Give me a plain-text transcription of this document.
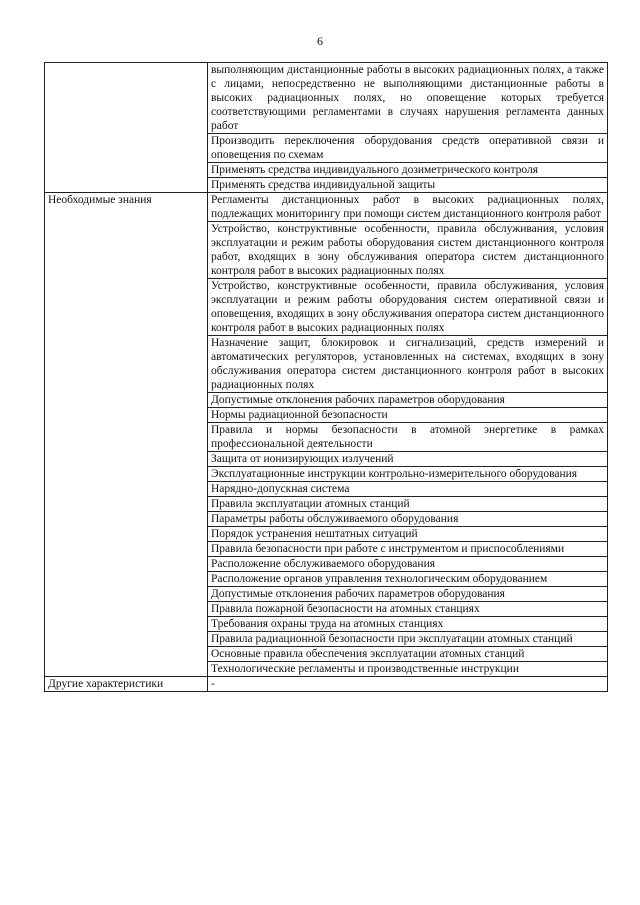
6
	выполняющим дистанционные работы в высоких радиационных полях, а также с лицами, непосредственно не выполняющими дистанционные работы в высоких радиационных полях, но оповещение которых требуется соответствующими регламентами в случаях нарушения регламента данных работ
	Производить переключения оборудования средств оперативной связи и оповещения по схемам
	Применять средства индивидуального дозиметрического контроля
	Применять средства индивидуальной защиты
Необходимые знания	Регламенты дистанционных работ в высоких радиационных полях, подлежащих мониторингу при помощи систем дистанционного контроля работ
	Устройство, конструктивные особенности, правила обслуживания, условия эксплуатации и режим работы оборудования систем дистанционного контроля работ, входящих в зону обслуживания оператора систем дистанционного контроля работ в высоких радиационных полях
	Устройство, конструктивные особенности, правила обслуживания, условия эксплуатации и режим работы оборудования систем оперативной связи и оповещения, входящих в зону обслуживания оператора систем дистанционного контроля работ в высоких радиационных полях
	Назначение защит, блокировок и сигнализаций, средств измерений и автоматических регуляторов, установленных на системах, входящих в зону обслуживания оператора систем дистанционного контроля работ в высоких радиационных полях
	Допустимые отклонения рабочих параметров оборудования
	Нормы радиационной безопасности
	Правила и нормы безопасности в атомной энергетике в рамках профессиональной деятельности
	Защита от ионизирующих излучений
	Эксплуатационные инструкции контрольно-измерительного оборудования
	Нарядно-допускная система
	Правила эксплуатации атомных станций
	Параметры работы обслуживаемого оборудования
	Порядок устранения нештатных ситуаций
	Правила безопасности при работе с инструментом и приспособлениями
	Расположение обслуживаемого оборудования
	Расположение органов управления технологическим оборудованием
	Допустимые отклонения рабочих параметров оборудования
	Правила пожарной безопасности на атомных станциях
	Требования охраны труда на атомных станциях
	Правила радиационной безопасности при эксплуатации атомных станций
	Основные правила обеспечения эксплуатации атомных станций
	Технологические регламенты и производственные инструкции
Другие характеристики	-
